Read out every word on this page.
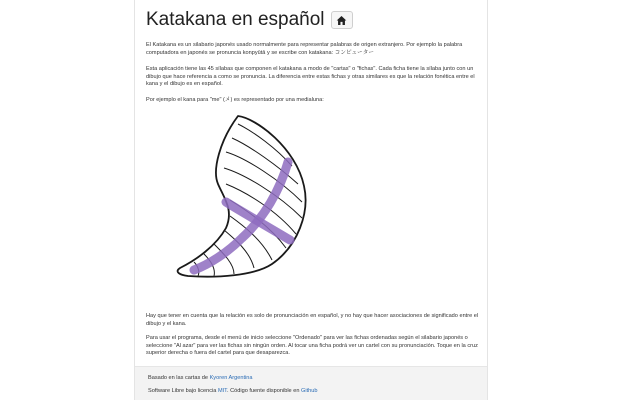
Katakana en español

El Katakana es un silabario japonés usado normalmente para representar palabras de origen extranjero. Por ejemplo la palabra computadora en japonés se pronuncia konpyūtā y se escribe con katakana: コンピューター

Esta aplicación tiene las 45 sílabas que componen el katakana a modo de "cartas" o "fichas". Cada ficha tiene la sílaba junto con un dibujo que hace referencia a como se pronuncia. La diferencia entre estas fichas y otras similares es que la relación fonética entre el kana y el dibujo es en español.

Por ejemplo el kana para "me" (メ) es representado por una medialuna:

Hay que tener en cuenta que la relación es solo de pronunciación en español, y no hay que hacer asociaciones de significado entre el dibujo y el kana.

Para usar el programa, desde el menú de inicio seleccione "Ordenado" para ver las fichas ordenadas según el silabario japonés o seleccione "Al azar" para ver las fichas sin ningún orden. Al tocar una ficha podrá ver un cartel con su pronunciación. Toque en la cruz superior derecha o fuera del cartel para que desaparezca.

Basado en las cartas de Kyoren Argentina

Software Libre bajo licencia MIT. Código fuente disponible en Github
